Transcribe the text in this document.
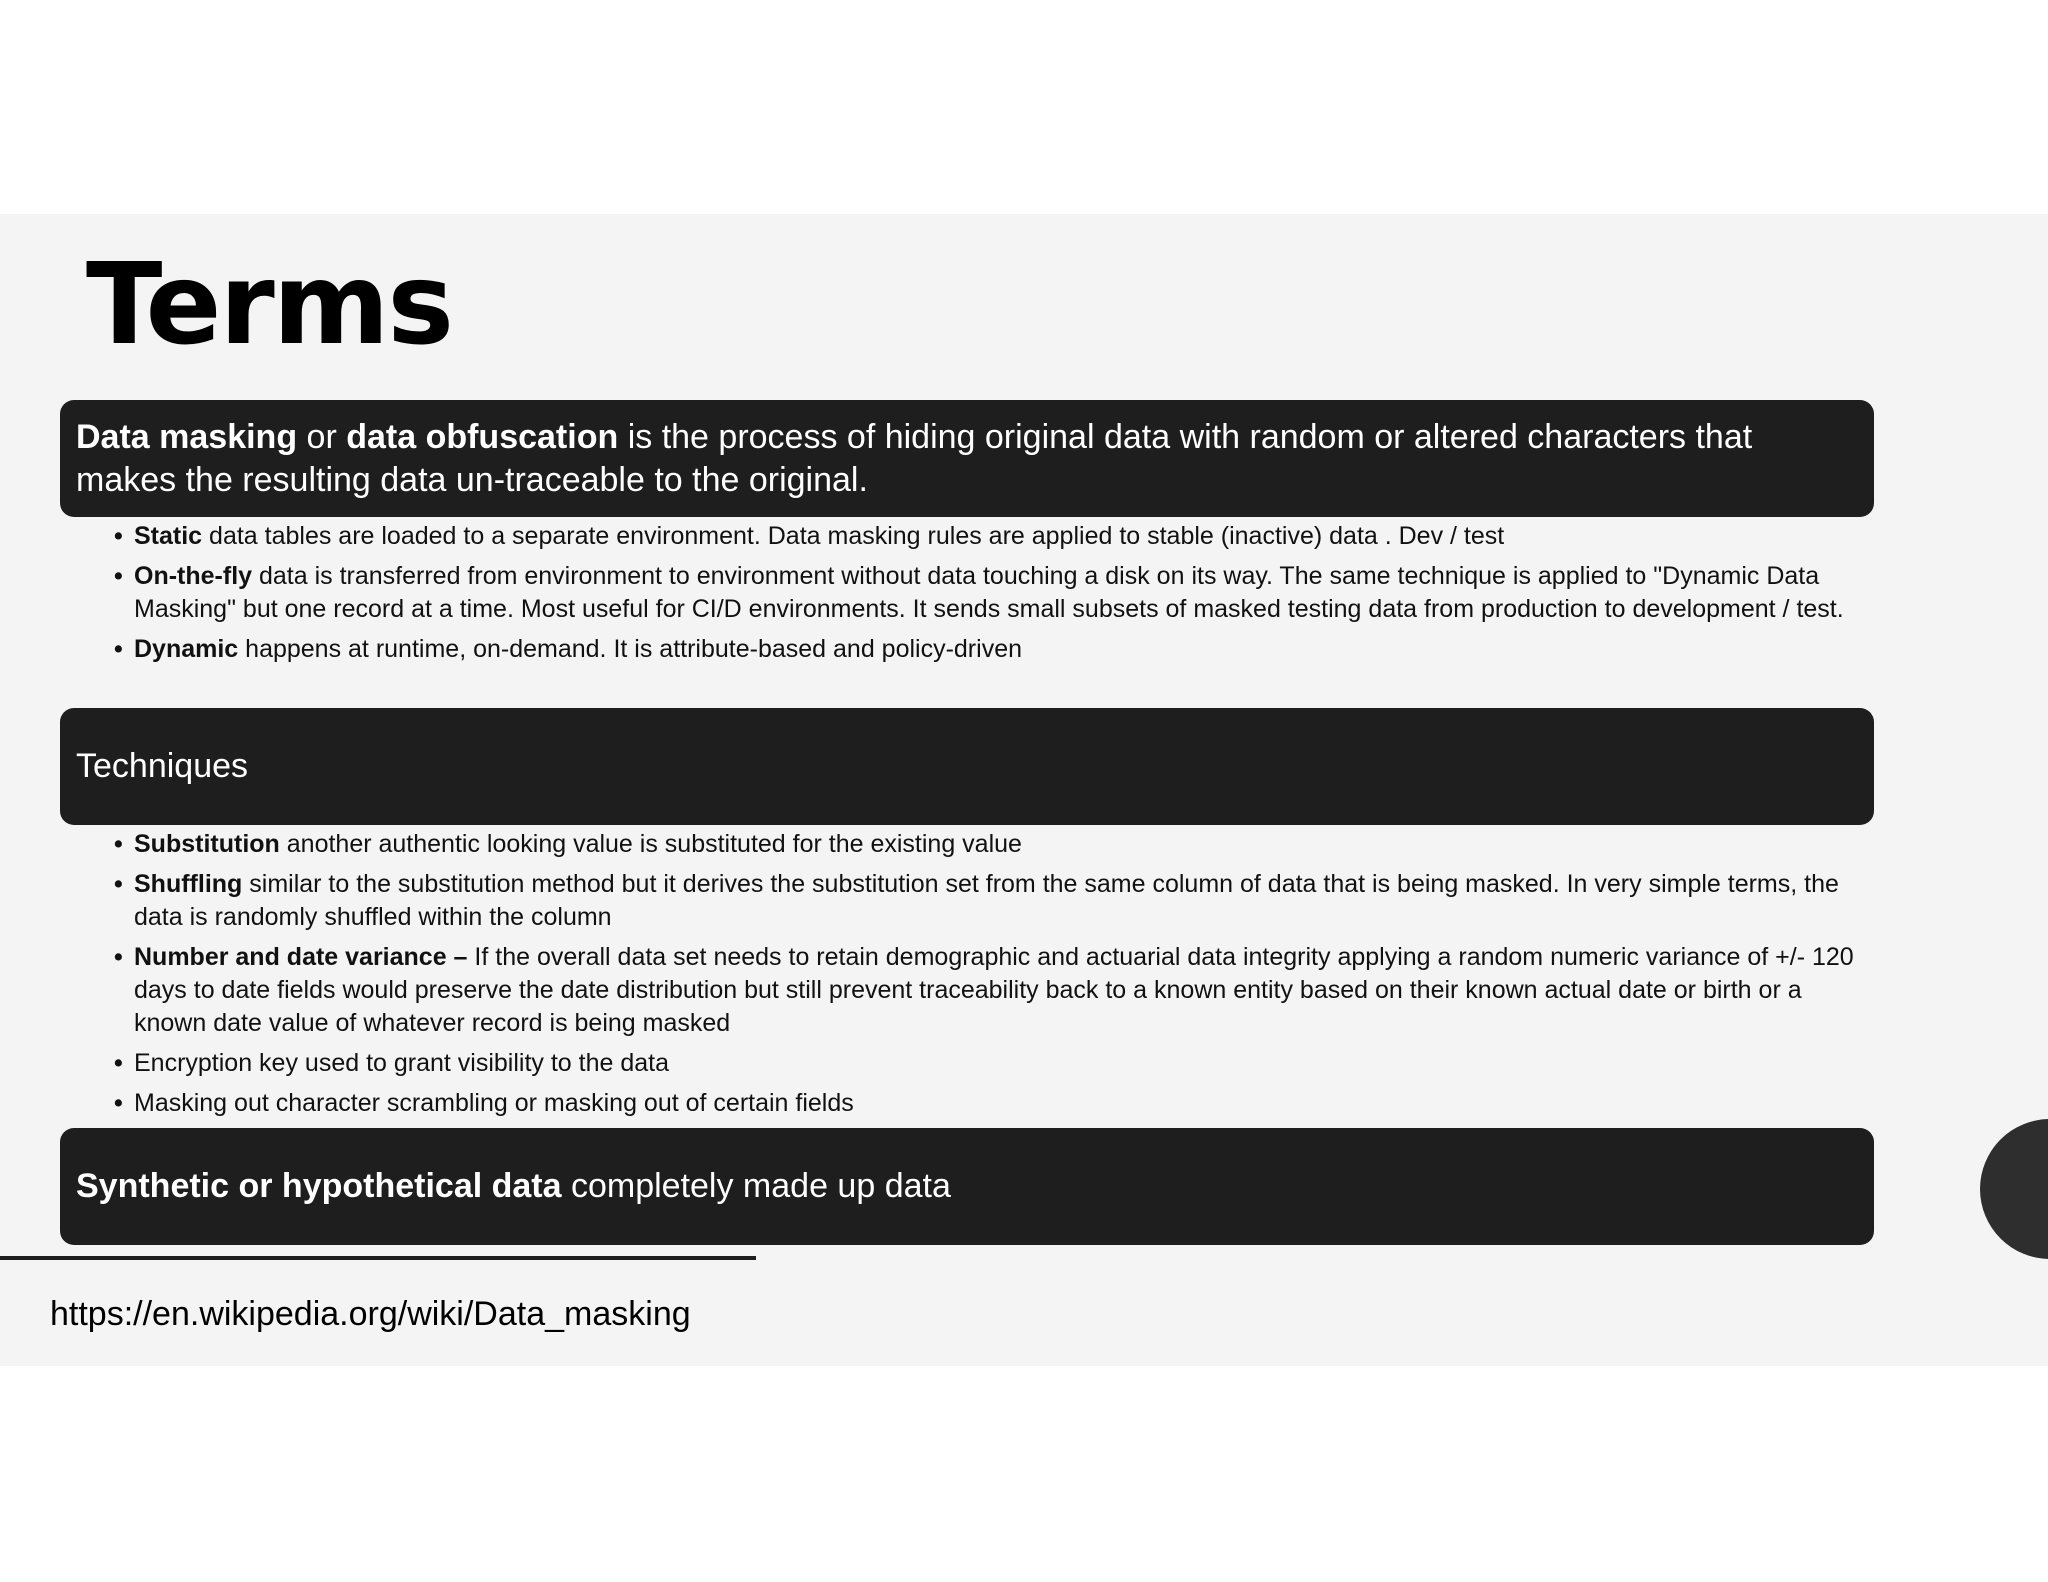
Terms
Data masking or data obfuscation is the process of hiding original data with random or altered characters that makes the resulting data un-traceable to the original.
• Static data tables are loaded to a separate environment. Data masking rules are applied to stable (inactive) data . Dev / test
• On-the-fly data is transferred from environment to environment without data touching a disk on its way. The same technique is applied to "Dynamic Data Masking" but one record at a time. Most useful for CI/D environments. It sends small subsets of masked testing data from production to development / test.
• Dynamic happens at runtime, on-demand. It is attribute-based and policy-driven
Techniques
• Substitution another authentic looking value is substituted for the existing value
• Shuffling similar to the substitution method but it derives the substitution set from the same column of data that is being masked. In very simple terms, the data is randomly shuffled within the column
• Number and date variance – If the overall data set needs to retain demographic and actuarial data integrity applying a random numeric variance of +/- 120 days to date fields would preserve the date distribution but still prevent traceability back to a known entity based on their known actual date or birth or a known date value of whatever record is being masked
• Encryption key used to grant visibility to the data
• Masking out character scrambling or masking out of certain fields
Synthetic or hypothetical data completely made up data
https://en.wikipedia.org/wiki/Data_masking
